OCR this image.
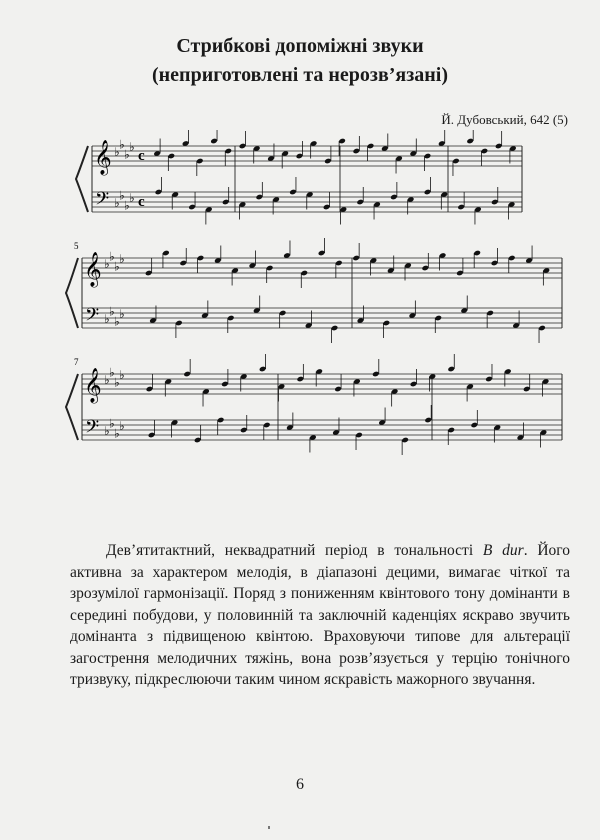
Стрибкові допоміжні звуки
(неприготовлені та нерозв’язані)
Й. Дубовський, 642 (5)
𝄞
𝄢
♭
♭
♭
♭
♭
♭
♭
♭
c
c
𝄞
𝄢
♭
♭
♭
♭
♭
♭
♭
♭
5
𝄞
𝄢
♭
♭
♭
♭
♭
♭
♭
♭
7

Дев’ятитактний, неквадратний період в тональності B dur. Його активна за характером мелодія, в діапазоні децими, вимагає чіткої та зрозумілої гармонізації. Поряд з пониженням квінтового тону домінанти в середині побудови, у половинній та заключній каденціях яскраво звучить домінанта з підвищеною квінтою. Враховуючи типове для альтерації загострення мелодичних тяжінь, вона розв’язується у терцію тонічного тризвуку, підкреслюючи таким чином яскравість мажорного звучання.

6
